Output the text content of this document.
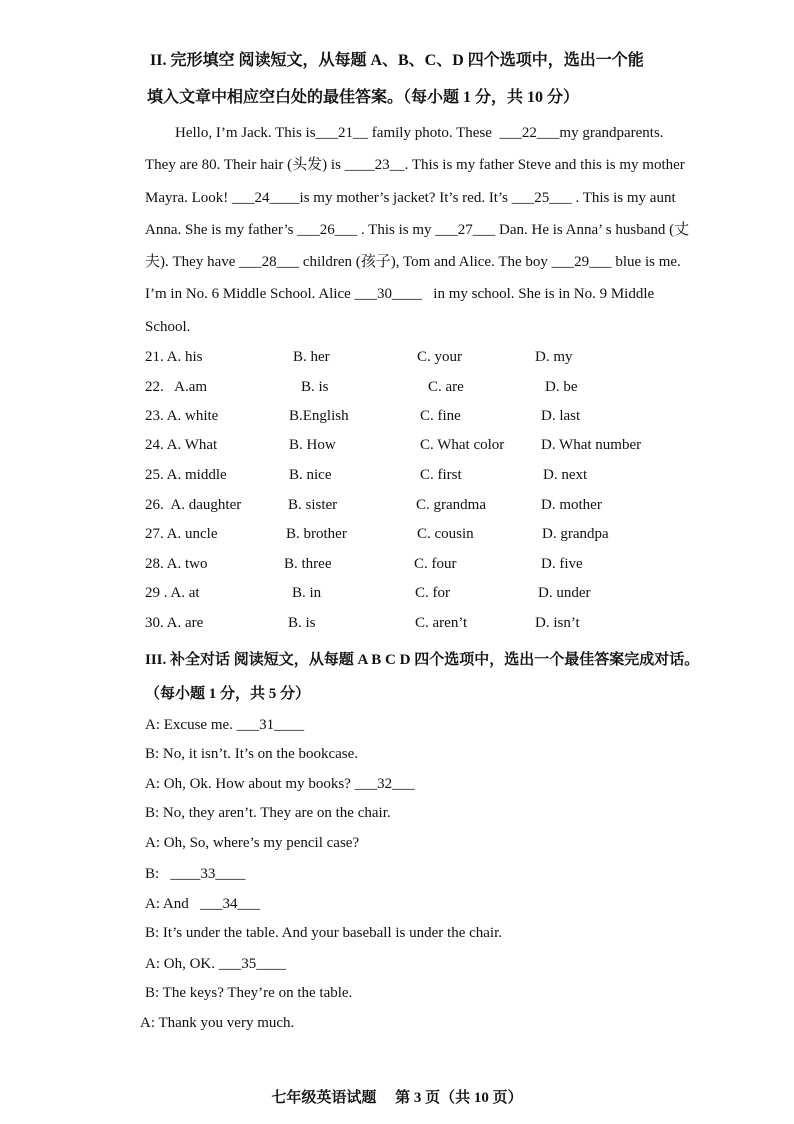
II. 完形填空 阅读短文，从每题 A、B、C、D 四个选项中，选出一个能
填入文章中相应空白处的最佳答案。（每小题 1 分，共 10 分）
Hello, I’m Jack. This is___21__ family photo. These  ___22___my grandparents.
They are 80. Their hair (头发) is ____23__. This is my father Steve and this is my mother
Mayra. Look! ___24____is my mother’s jacket? It’s red. It’s ___25___ . This is my aunt
Anna. She is my father’s ___26___ . This is my ___27___ Dan. He is Anna’ s husband (丈
夫). They have ___28___ children (孩子), Tom and Alice. The boy ___29___ blue is me.
I’m in No. 6 Middle School. Alice ___30____   in my school. She is in No. 9 Middle
School.
21. A. his	B. her	C. your	D. my
22.   A.am	B. is	C. are	D. be
23. A. white	B.English	C. fine	D. last
24. A. What	B. How	C. What color D. What number
25. A. middle	B. nice	C. first	D. next
26.  A. daughter	B. sister	C. grandma	D. mother
27. A. uncle	B. brother	C. cousin	D. grandpa
28. A. two	B. three	C. four	D. five
29 . A. at	B. in	C. for	D. under
30. A. are	B. is	C. aren’t	D. isn’t
III. 补全对话 阅读短文，从每题 A B C D 四个选项中，选出一个最佳答案完成对话。
（每小题 1 分，共 5 分）
A: Excuse me. ___31____
B: No, it isn’t. It’s on the bookcase.
A: Oh, Ok. How about my books? ___32___
B: No, they aren’t. They are on the chair.
A: Oh, So, where’s my pencil case?
B:   ____33____
A: And   ___34___
B: It’s under the table. And your baseball is under the chair.
A: Oh, OK. ___35____
B: The keys? They’re on the table.
A: Thank you very much.
七年级英语试题     第 3 页（共 10 页）
